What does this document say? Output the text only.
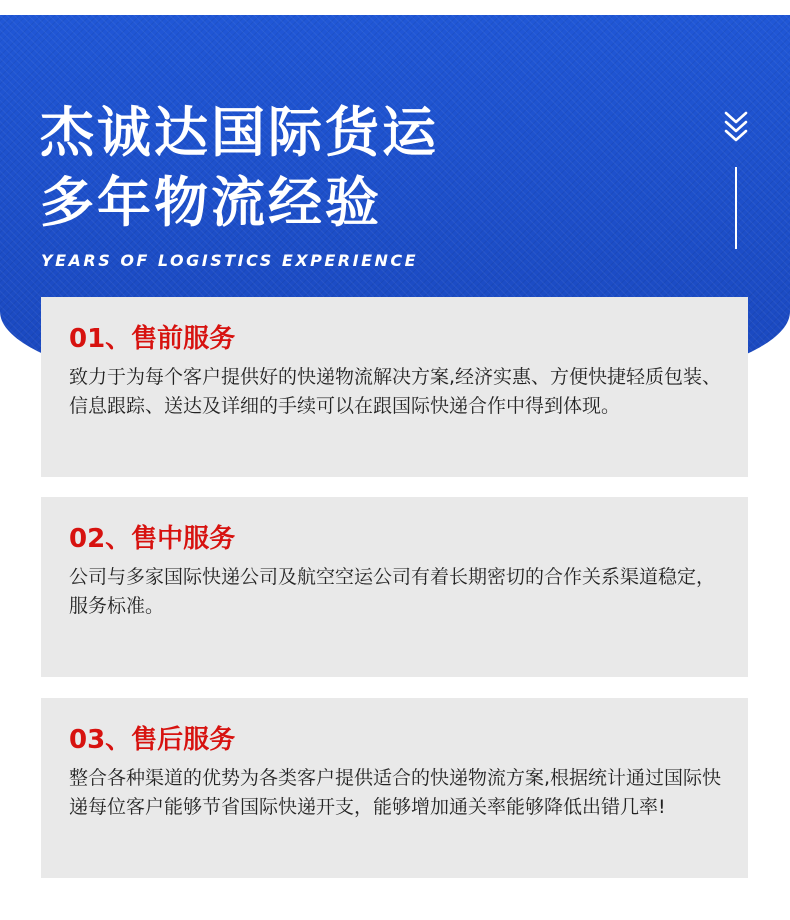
杰诚达国际货运
多年物流经验
YEARS OF LOGISTICS EXPERIENCE
01、售前服务

致力于为每个客户提供好的快递物流解决方案,经济实惠、方便快捷轻质包装、信息跟踪、送达及详细的手续可以在跟国际快递合作中得到体现。

02、售中服务

公司与多家国际快递公司及航空空运公司有着长期密切的合作关系渠道稳定，服务标准。

03、售后服务

整合各种渠道的优势为各类客户提供适合的快递物流方案,根据统计通过国际快递每位客户能够节省国际快递开支，能够增加通关率能够降低出错几率!
